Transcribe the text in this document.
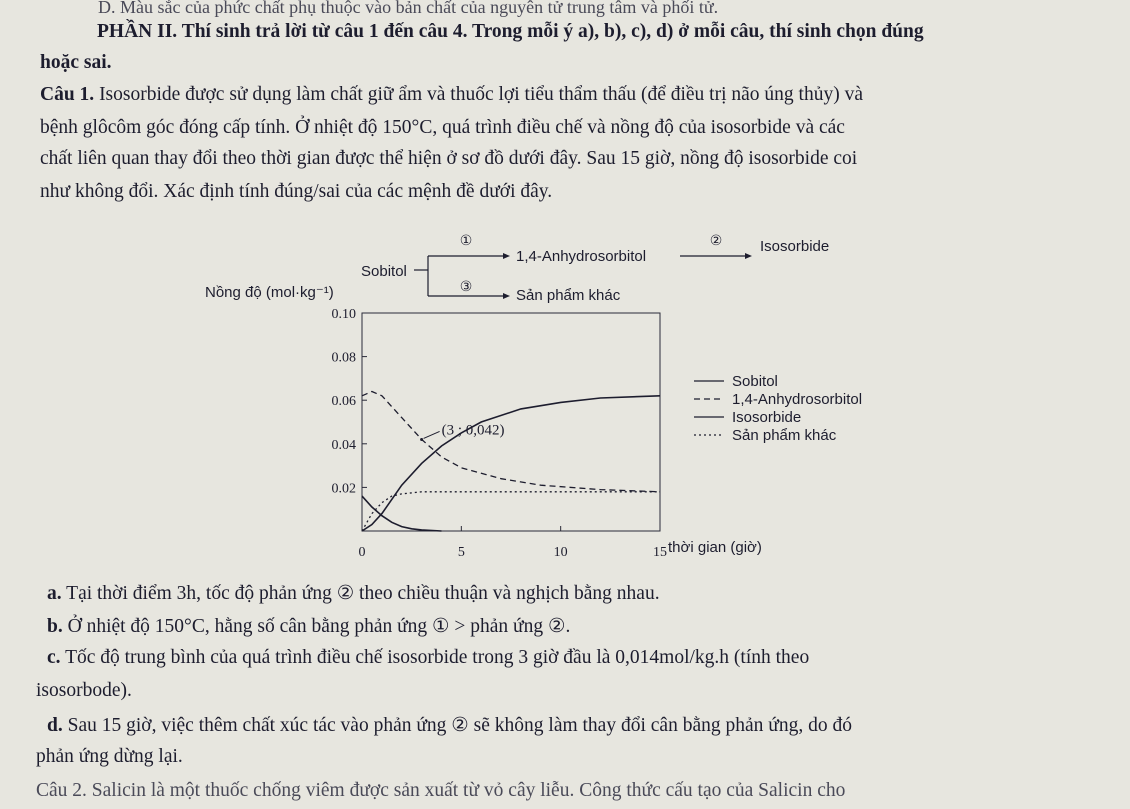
D. Màu sắc của phức chất phụ thuộc vào bản chất của nguyên tử trung tâm và phối tử.
PHẦN II. Thí sinh trả lời từ câu 1 đến câu 4. Trong mỗi ý a), b), c), d) ở mỗi câu, thí sinh chọn đúng
hoặc sai.
Câu 1. Isosorbide được sử dụng làm chất giữ ẩm và thuốc lợi tiểu thẩm thấu (để điều trị não úng thủy) và
bệnh glôcôm góc đóng cấp tính. Ở nhiệt độ 150°C, quá trình điều chế và nồng độ của isosorbide và các
chất liên quan thay đổi theo thời gian được thể hiện ở sơ đồ dưới đây. Sau 15 giờ, nồng độ isosorbide coi
như không đổi. Xác định tính đúng/sai của các mệnh đề dưới đây.
Sobitol
①
③
1,4-Anhydrosorbitol
Sản phẩm khác
②	Isosorbide
Nồng độ (mol·kg⁻¹)
0.02
0.04
0.06
0.08
0.10
0	5	10	15 thời gian (giờ)
(3 ; 0,042)
Sobitol
1,4-Anhydrosorbitol
Isosorbide
Sản phẩm khác
a. Tại thời điểm 3h, tốc độ phản ứng ② theo chiều thuận và nghịch bằng nhau.
b. Ở nhiệt độ 150°C, hằng số cân bằng phản ứng ① > phản ứng ②.
c. Tốc độ trung bình của quá trình điều chế isosorbide trong 3 giờ đầu là 0,014mol/kg.h (tính theo
isosorbode).
d. Sau 15 giờ, việc thêm chất xúc tác vào phản ứng ② sẽ không làm thay đổi cân bằng phản ứng, do đó
phản ứng dừng lại.
Câu 2. Salicin là một thuốc chống viêm được sản xuất từ vỏ cây liễu. Công thức cấu tạo của Salicin cho
